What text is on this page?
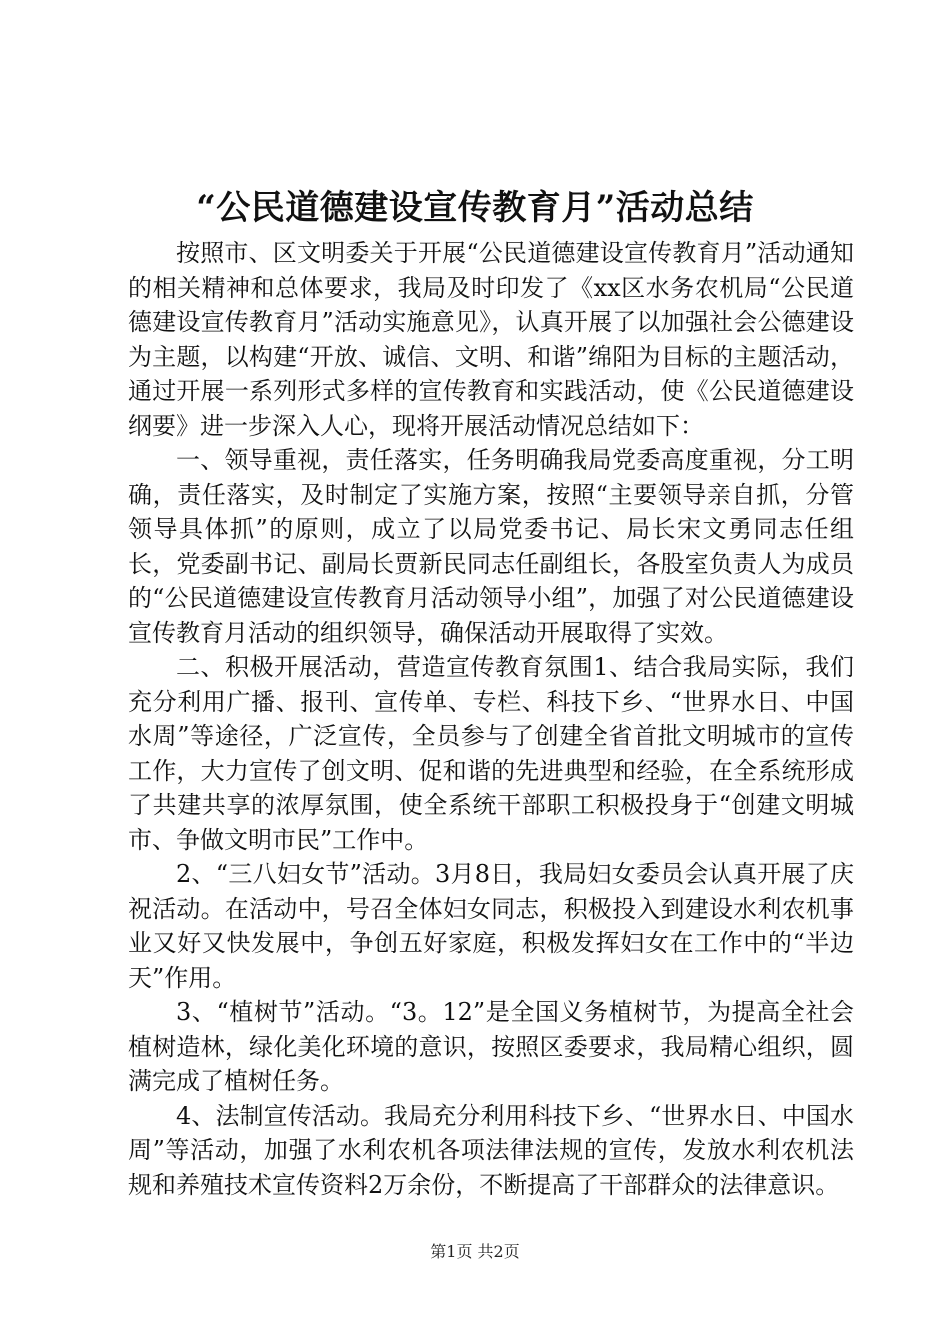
“公民道德建设宣传教育月”活动总结

按照市、区文明委关于开展“公民道德建设宣传教育月”活动通知的相关精神和总体要求，我局及时印发了《xx区水务农机局“公民道德建设宣传教育月”活动实施意见》，认真开展了以加强社会公德建设为主题，以构建“开放、诚信、文明、和谐”绵阳为目标的主题活动，通过开展一系列形式多样的宣传教育和实践活动，使《公民道德建设纲要》进一步深入人心，现将开展活动情况总结如下：

一、领导重视，责任落实，任务明确我局党委高度重视，分工明确，责任落实，及时制定了实施方案，按照“主要领导亲自抓，分管领导具体抓”的原则，成立了以局党委书记、局长宋文勇同志任组长，党委副书记、副局长贾新民同志任副组长，各股室负责人为成员的“公民道德建设宣传教育月活动领导小组”，加强了对公民道德建设宣传教育月活动的组织领导，确保活动开展取得了实效。

二、积极开展活动，营造宣传教育氛围1、结合我局实际，我们充分利用广播、报刊、宣传单、专栏、科技下乡、“世界水日、中国水周”等途径，广泛宣传，全员参与了创建全省首批文明城市的宣传工作，大力宣传了创文明、促和谐的先进典型和经验，在全系统形成了共建共享的浓厚氛围，使全系统干部职工积极投身于“创建文明城市、争做文明市民”工作中。

2、“三八妇女节”活动。3月8日，我局妇女委员会认真开展了庆祝活动。在活动中，号召全体妇女同志，积极投入到建设水利农机事业又好又快发展中，争创五好家庭，积极发挥妇女在工作中的“半边天”作用。

3、“植树节”活动。“3。12”是全国义务植树节，为提高全社会植树造林，绿化美化环境的意识，按照区委要求，我局精心组织，圆满完成了植树任务。

4、法制宣传活动。我局充分利用科技下乡、“世界水日、中国水周”等活动，加强了水利农机各项法律法规的宣传，发放水利农机法规和养殖技术宣传资料2万余份，不断提高了干部群众的法律意识。

第1页 共2页
